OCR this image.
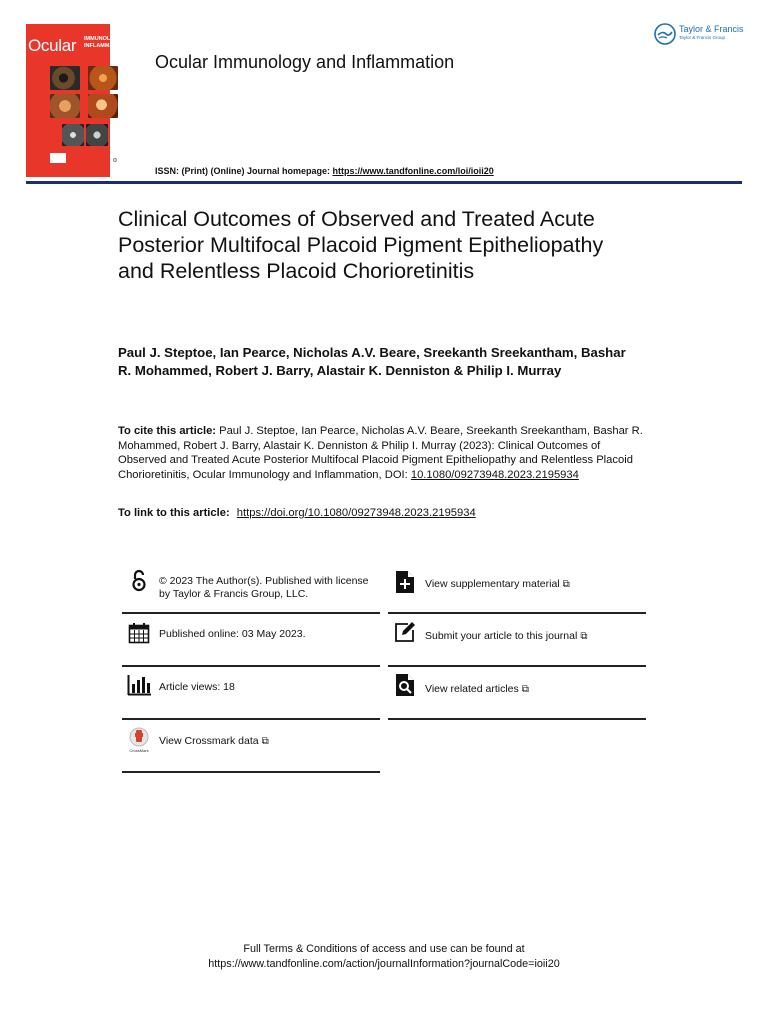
Ocular IMMUNOLOGY
INFLAMMATION
Ocular Immunology and Inflammation
Taylor & Francis
Taylor & Francis Group
ISSN: (Print) (Online) Journal homepage: https://www.tandfonline.com/loi/ioii20
Clinical Outcomes of Observed and Treated Acute Posterior Multifocal Placoid Pigment Epitheliopathy and Relentless Placoid Chorioretinitis
Paul J. Steptoe, Ian Pearce, Nicholas A.V. Beare, Sreekanth Sreekantham, Bashar R. Mohammed, Robert J. Barry, Alastair K. Denniston & Philip I. Murray
To cite this article: Paul J. Steptoe, Ian Pearce, Nicholas A.V. Beare, Sreekanth Sreekantham, Bashar R. Mohammed, Robert J. Barry, Alastair K. Denniston & Philip I. Murray (2023): Clinical Outcomes of Observed and Treated Acute Posterior Multifocal Placoid Pigment Epitheliopathy and Relentless Placoid Chorioretinitis, Ocular Immunology and Inflammation, DOI: 10.1080/09273948.2023.2195934
To link to this article: https://doi.org/10.1080/09273948.2023.2195934
© 2023 The Author(s). Published with license by Taylor & Francis Group, LLC.
Published online: 03 May 2023.
Article views: 18
CrossMark
View Crossmark data ⧉
View supplementary material ⧉
Submit your article to this journal ⧉
View related articles ⧉
Full Terms & Conditions of access and use can be found at
https://www.tandfonline.com/action/journalInformation?journalCode=ioii20
